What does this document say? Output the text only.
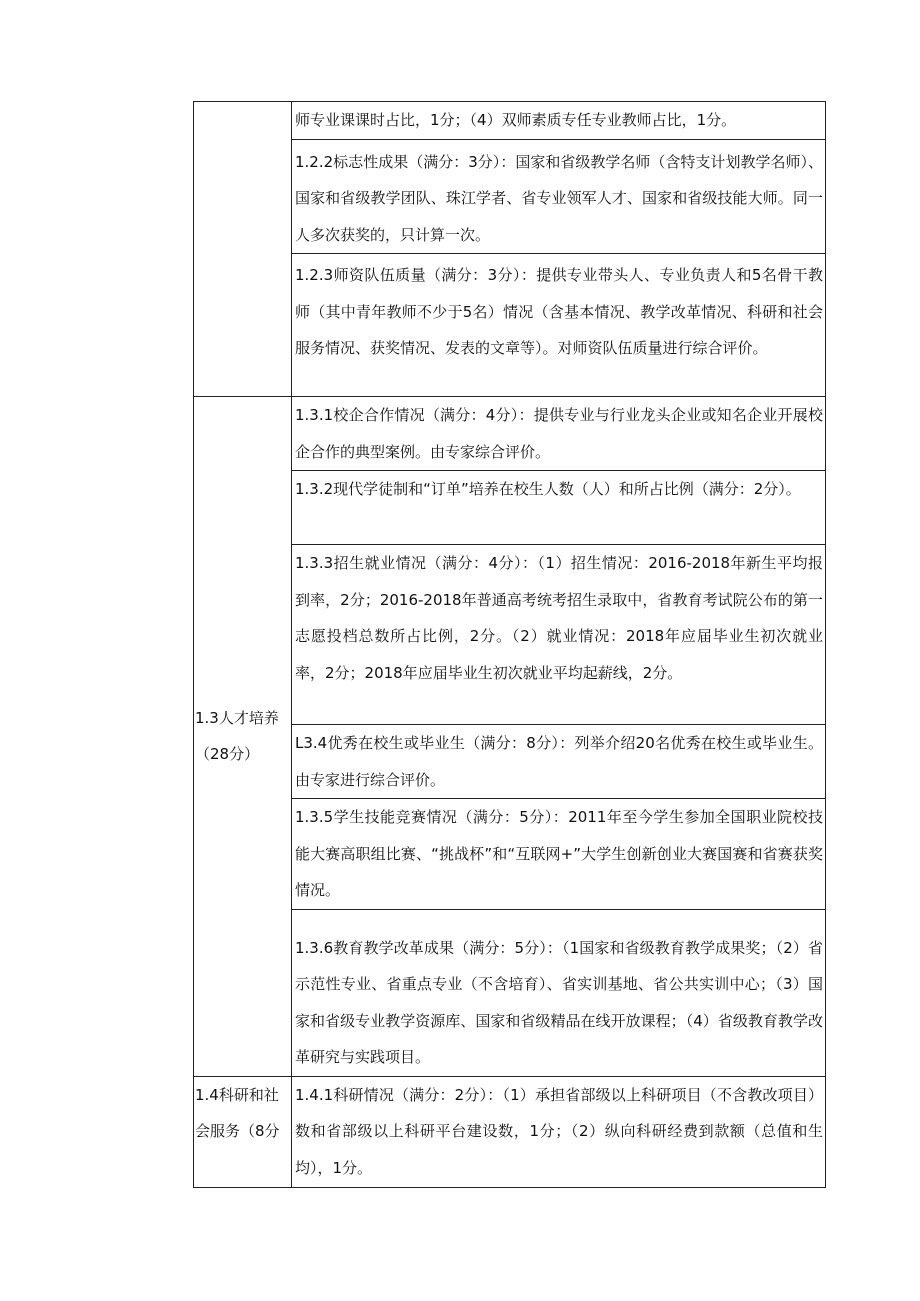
	师专业课课时占比，1分；（4）双师素质专任专业教师占比，1分。

	1.2.2标志性成果（满分：3分）：国家和省级教学名师（含特支计划教学名师）、国家和省级教学团队、珠江学者、省专业领军人才、国家和省级技能大师。同一人多次获奖的，只计算一次。

	1.2.3师资队伍质量（满分：3分）：提供专业带头人、专业负责人和5名骨干教师（其中青年教师不少于5名）情况（含基本情况、教学改革情况、科研和社会服务情况、获奖情况、发表的文章等）。对师资队伍质量进行综合评价。

1.3人才培养（28分）	1.3.1校企合作情况（满分：4分）：提供专业与行业龙头企业或知名企业开展校企合作的典型案例。由专家综合评价。

	1.3.2现代学徒制和“订单”培养在校生人数（人）和所占比例（满分：2分）。

	1.3.3招生就业情况（满分：4分）：（1）招生情况：2016-2018年新生平均报到率，2分；2016-2018年普通高考统考招生录取中，省教育考试院公布的第一志愿投档总数所占比例，2分。（2）就业情况：2018年应届毕业生初次就业率，2分；2018年应届毕业生初次就业平均起薪线，2分。

	L3.4优秀在校生或毕业生（满分：8分）：列举介绍20名优秀在校生或毕业生。由专家进行综合评价。

	1.3.5学生技能竞赛情况（满分：5分）：2011年至今学生参加全国职业院校技能大赛高职组比赛、“挑战杯”和“互联网+”大学生创新创业大赛国赛和省赛获奖情况。

	1.3.6教育教学改革成果（满分：5分）：（1国家和省级教育教学成果奖；（2）省示范性专业、省重点专业（不含培育）、省实训基地、省公共实训中心；（3）国家和省级专业教学资源库、国家和省级精品在线开放课程；（4）省级教育教学改革研究与实践项目。

1.4科研和社会服务（8分	1.4.1科研情况（满分：2分）：（1）承担省部级以上科研项目（不含教改项目）数和省部级以上科研平台建设数，1分；（2）纵向科研经费到款额（总值和生均），1分。
